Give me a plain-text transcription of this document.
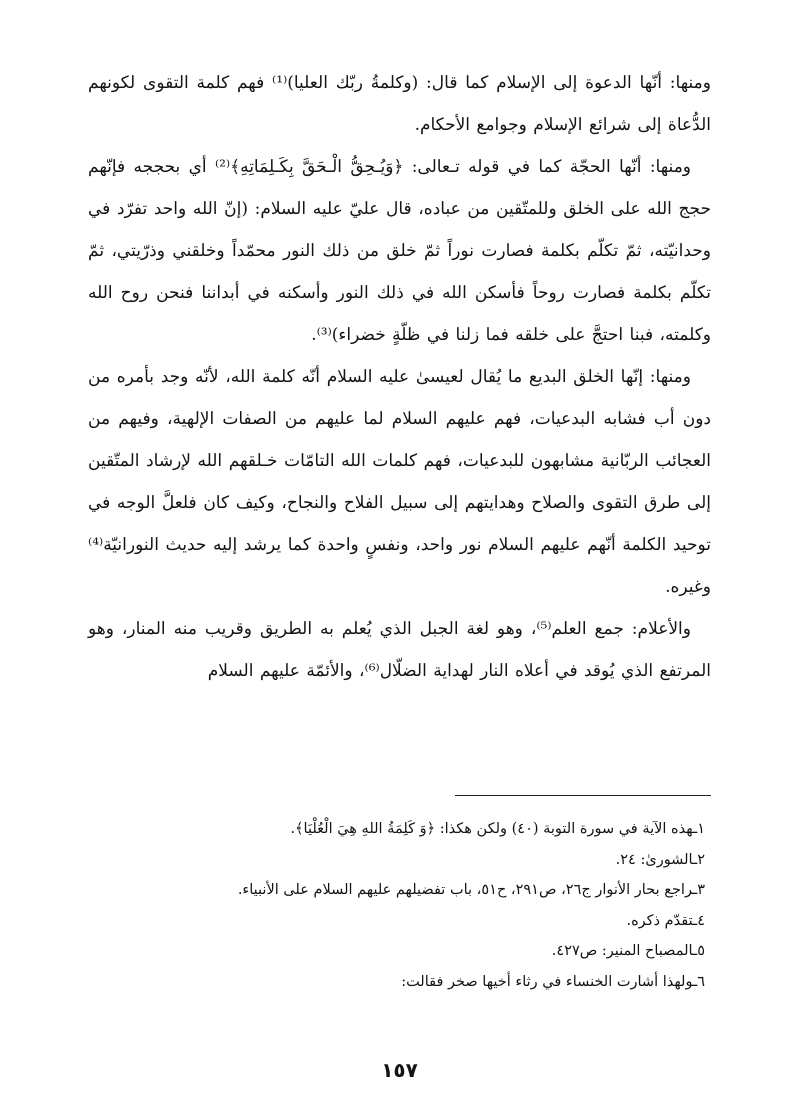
ومنها: أنّها الدعوة إلى الإسلام كما قال: (وكلمةُ ربّك العليا)⁽¹⁾ فهم كلمة التقوى لكونهم الدُّعاة إلى شرائع الإسلام وجوامع الأحكام.

ومنها: أنّها الحجّة كما في قوله تـعالى: ﴿وَيُـحِقُّ الْـحَقَّ بِكَـلِمَاتِهِ﴾⁽²⁾ أي بحججه فإنّهم حجج الله على الخلق وللمتّقين من عباده، قال عليّ عليه السلام: (إنّ الله واحد تفرّد في وحدانيّته، ثمّ تكلّم بكلمة فصارت نوراً ثمّ خلق من ذلك النور محمّداً وخلقني وذرّيتي، ثمّ تكلّم بكلمة فصارت روحاً فأسكن الله في ذلك النور وأسكنه في أبداننا فنحن روح الله وكلمته، فبنا احتجَّ على خلقه فما زلنا في ظلّةٍ خضراء)⁽³⁾.

ومنها: إنّها الخلق البديع ما يُقال لعيسىٰ عليه السلام أنّه كلمة الله، لأنّه وجد بأمره من دون أب فشابه البدعيات، فهم عليهم السلام لما عليهم من الصفات الإلهية، وفيهم من العجائب الربّانية مشابهون للبدعيات، فهم كلمات الله التامّات خـلقهم الله لإرشاد المتّقين إلى طرق التقوى والصلاح وهدايتهم إلى سبيل الفلاح والنجاح، وكيف كان فلعلَّ الوجه في توحيد الكلمة أنّهم عليهم السلام نور واحد، ونفسٍ واحدة كما يرشد إليه حديث النورانيّة⁽⁴⁾ وغيره.

والأعلام: جمع العلم⁽⁵⁾، وهو لغة الجبل الذي يُعلم به الطريق وقريب منه المنار، وهو المرتفع الذي يُوقد في أعلاه النار لهداية الضلّال⁽⁶⁾، والأئمّة عليهم السلام

١ـهذه الآية في سورة التوبة (٤٠) ولكن هكذا: ﴿وَ كَلِمَةُ اللهِ هِيَ الْعُلْيَا﴾.
٢ـالشورىٰ: ٢٤.
٣ـراجع بحار الأنوار ج٢٦، ص٢٩١، ح٥١، باب تفضيلهم عليهم السلام على الأنبياء.
٤ـتقدّم ذكره.
٥ـالمصباح المنير: ص٤٢٧.
٦ـولهذا أشارت الخنساء في رثاء أخيها صخر فقالت:
١٥٧
